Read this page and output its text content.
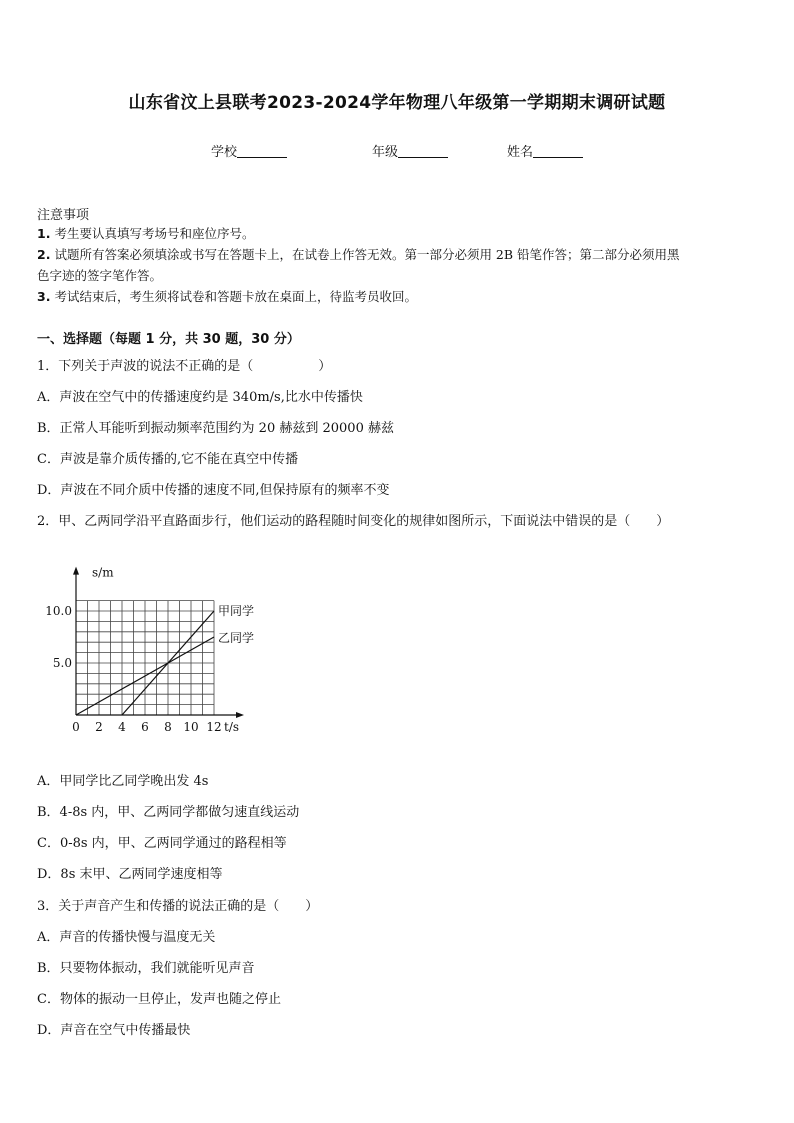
山东省汶上县联考2023-2024学年物理八年级第一学期期末调研试题
学校	年级	姓名
注意事项
1. 考生要认真填写考场号和座位序号。
2. 试题所有答案必须填涂或书写在答题卡上，在试卷上作答无效。第一部分必须用 2B 铅笔作答；第二部分必须用黑
色字迹的签字笔作答。
3. 考试结束后，考生须将试卷和答题卡放在桌面上，待监考员收回。
一、选择题（每题 1 分，共 30 题，30 分）
1．下列关于声波的说法不正确的是（　　　　　）
A．声波在空气中的传播速度约是 340m/s,比水中传播快
B．正常人耳能听到振动频率范围约为 20 赫兹到 20000 赫兹
C．声波是靠介质传播的,它不能在真空中传播
D．声波在不同介质中传播的速度不同,但保持原有的频率不变
2．甲、乙两同学沿平直路面步行，他们运动的路程随时间变化的规律如图所示，下面说法中错误的是（　　）
0 2 4 6 8 10 12
5.0
10.0
t/s
s/m
甲同学
乙同学
A．甲同学比乙同学晚出发 4s
B．4-8s 内，甲、乙两同学都做匀速直线运动
C．0-8s 内，甲、乙两同学通过的路程相等
D．8s 末甲、乙两同学速度相等
3．关于声音产生和传播的说法正确的是（　　）
A．声音的传播快慢与温度无关
B．只要物体振动，我们就能听见声音
C．物体的振动一旦停止，发声也随之停止
D．声音在空气中传播最快
